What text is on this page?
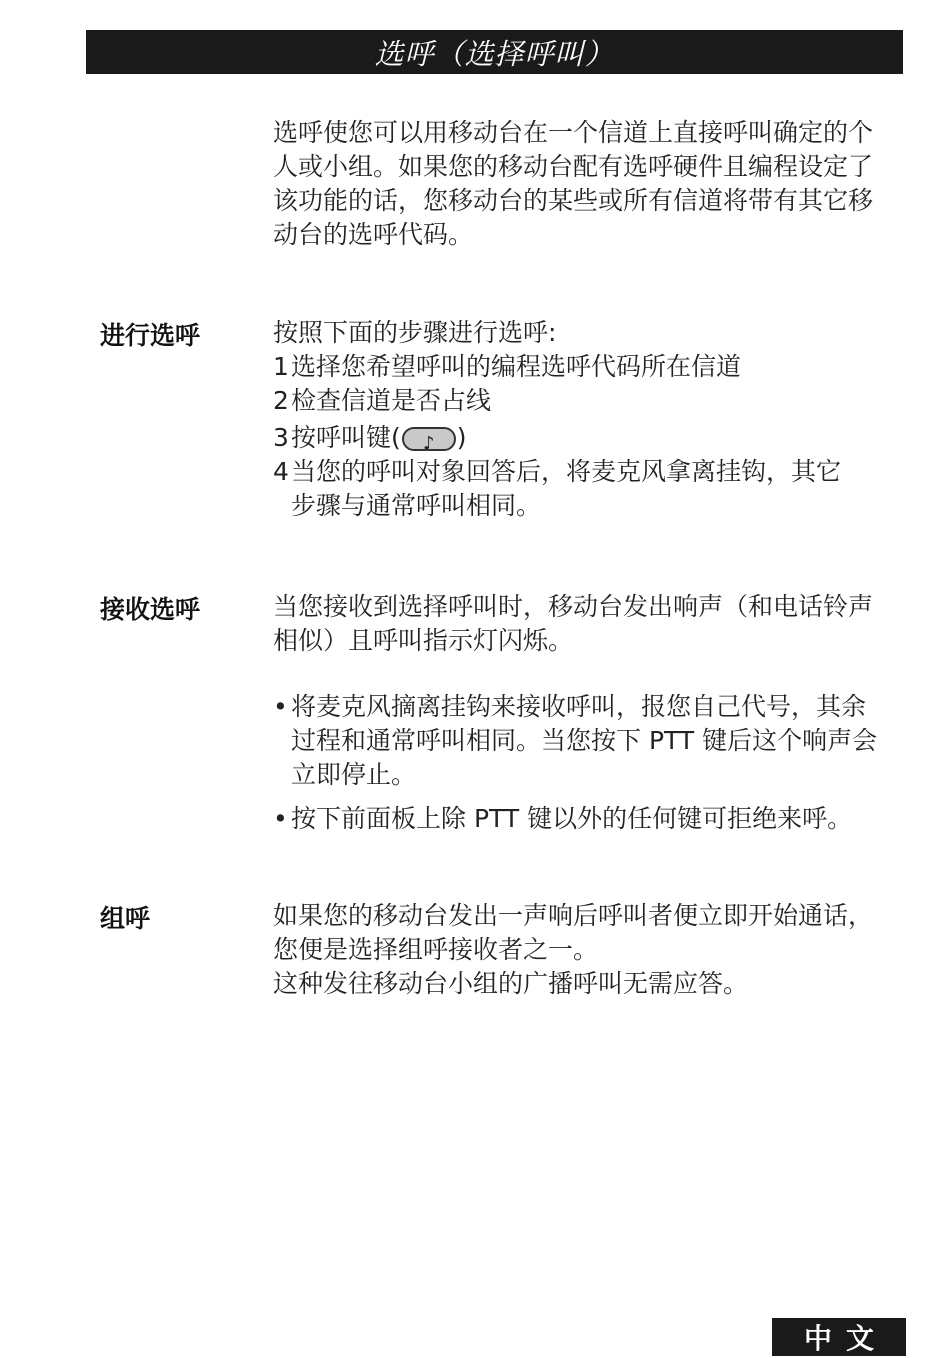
选呼（选择呼叫）
选呼使您可以用移动台在一个信道上直接呼叫确定的个人或小组。如果您的移动台配有选呼硬件且编程设定了该功能的话，您移动台的某些或所有信道将带有其它移动台的选呼代码。
进行选呼	按照下面的步骤进行选呼:
1选择您希望呼叫的编程选呼代码所在信道
2检查信道是否占线
3按呼叫键(♪ )
4当您的呼叫对象回答后，将麦克风拿离挂钩，其它
步骤与通常呼叫相同。
接收选呼	当您接收到选择呼叫时，移动台发出响声（和电话铃声相似）且呼叫指示灯闪烁。
• 将麦克风摘离挂钩来接收呼叫，报您自己代号，其余过程和通常呼叫相同。当您按下 PTT 键后这个响声会立即停止。
• 按下前面板上除 PTT 键以外的任何键可拒绝来呼。
组呼	如果您的移动台发出一声响后呼叫者便立即开始通话，您便是选择组呼接收者之一。
这种发往移动台小组的广播呼叫无需应答。
中文
